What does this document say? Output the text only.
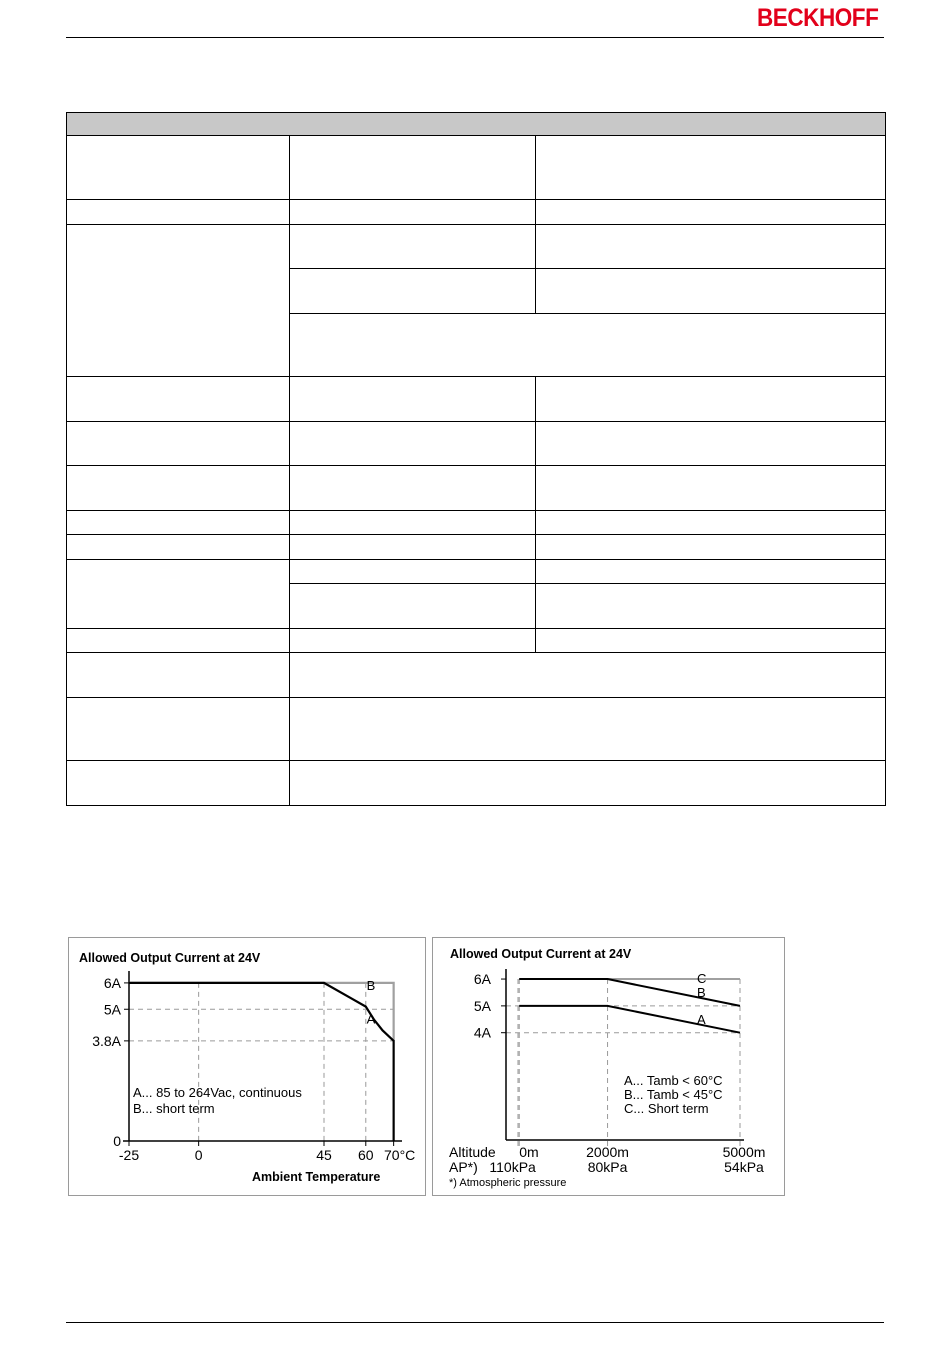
BECKHOFF

Allowed Output Current at 24V
B
A
6A
5A
3.8A
0
-25	0	45 60 70°C
A... 85 to 264Vac, continuous
B... short term
Ambient Temperature
Allowed Output Current at 24V
C
B
A
6A
5A
4A
0m	2000m	5000m
110kPa	80kPa	54kPa
A... Tamb < 60°C
B... Tamb < 45°C
C... Short term
Altitude
AP*)
*) Atmospheric pressure
